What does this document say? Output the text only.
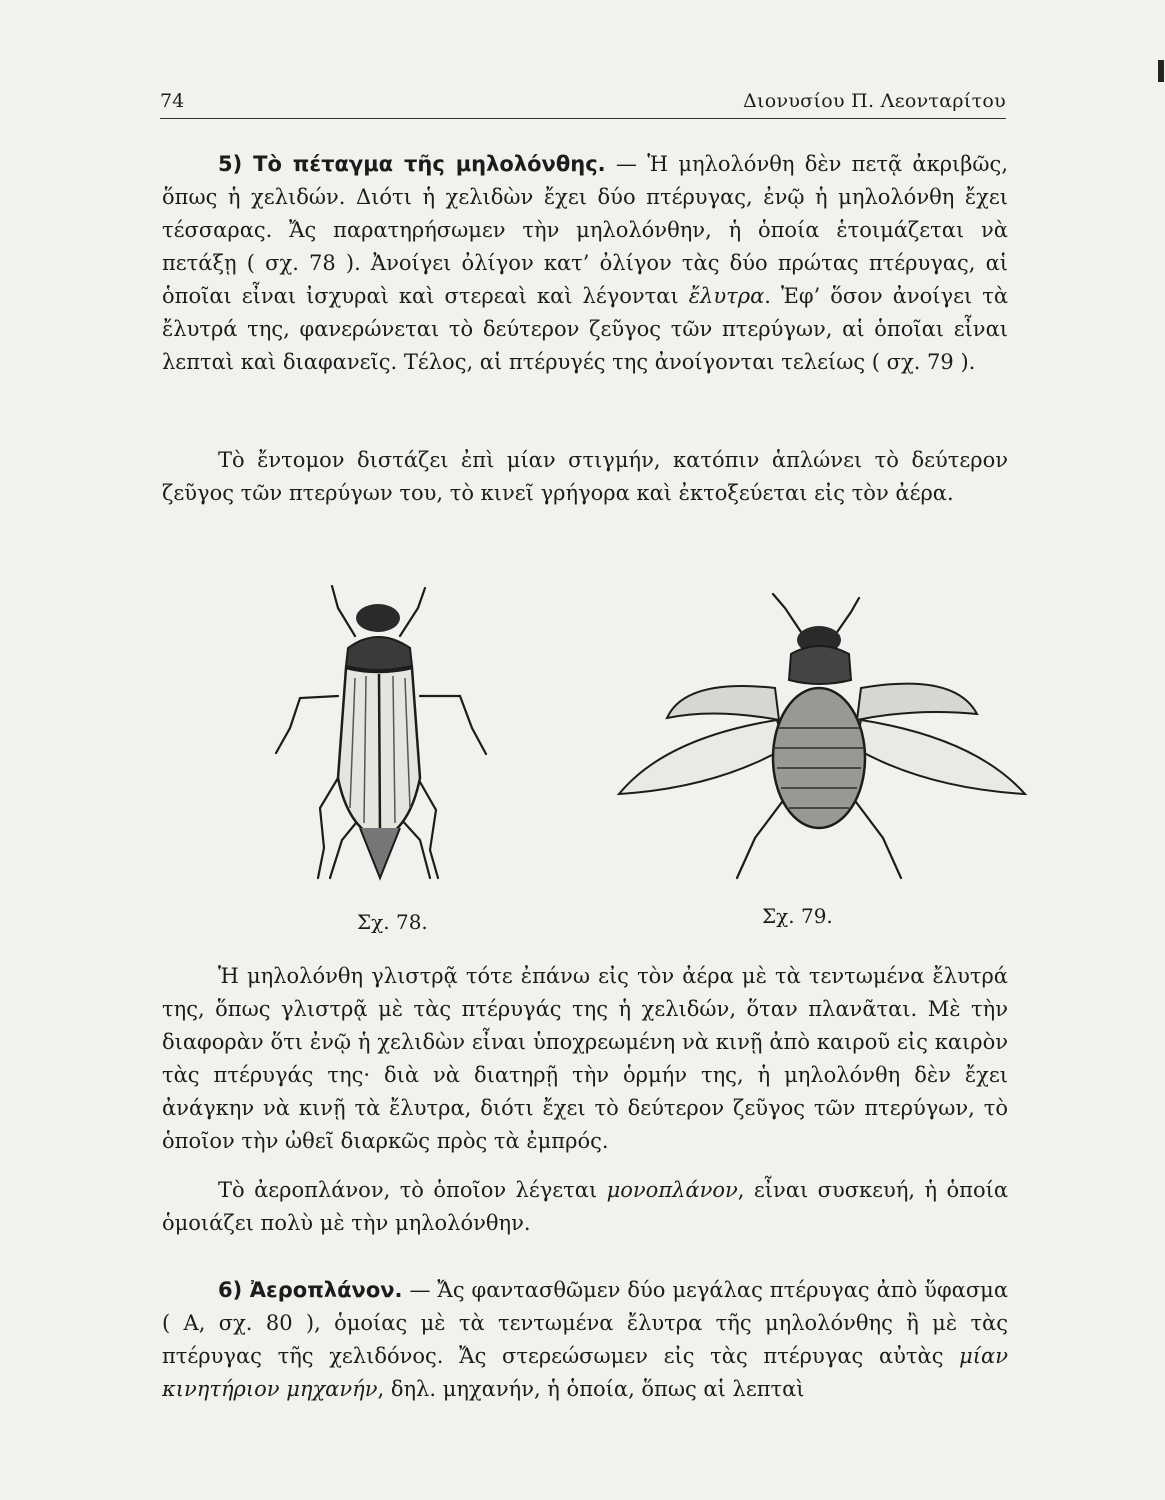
74	Διονυσίου Π. Λεονταρίτου

5) Τὸ πέταγμα τῆς μηλολόνθης. — Ἡ μηλολόνθη δὲν πετᾷ ἀκριβῶς, ὅπως ἡ χελιδών. Διότι ἡ χελιδὼν ἔχει δύο πτέρυγας, ἐνῷ ἡ μηλολόνθη ἔχει τέσσαρας. Ἄς παρατηρήσωμεν τὴν μηλολόνθην, ἡ ὁποία ἑτοιμάζεται νὰ πετάξῃ ( σχ. 78 ). Ἀνοίγει ὀλίγον κατ’ ὀλίγον τὰς δύο πρώτας πτέρυγας, αἱ ὁποῖαι εἶναι ἰσχυραὶ καὶ στερεαὶ καὶ λέγονται ἔλυτρα. Ἐφ’ ὅσον ἀνοίγει τὰ ἔλυτρά της, φανερώνεται τὸ δεύτερον ζεῦγος τῶν πτερύγων, αἱ ὁποῖαι εἶναι λεπταὶ καὶ διαφανεῖς. Τέλος, αἱ πτέρυγές της ἀνοίγονται τελείως ( σχ. 79 ).

Τὸ ἔντομον διστάζει ἐπὶ μίαν στιγμήν, κατόπιν ἁπλώνει τὸ δεύτερον ζεῦγος τῶν πτερύγων του, τὸ κινεῖ γρήγορα καὶ ἐκτοξεύεται εἰς τὸν ἀέρα.

Σχ. 78.	Σχ. 79.

Ἡ μηλολόνθη γλιστρᾷ τότε ἐπάνω εἰς τὸν ἀέρα μὲ τὰ τεντωμένα ἔλυτρά της, ὅπως γλιστρᾷ μὲ τὰς πτέρυγάς της ἡ χελιδών, ὅταν πλανᾶται. Μὲ τὴν διαφορὰν ὅτι ἐνῷ ἡ χελιδὼν εἶναι ὑποχρεωμένη νὰ κινῇ ἀπὸ καιροῦ εἰς καιρὸν τὰς πτέρυγάς της· διὰ νὰ διατηρῇ τὴν ὁρμήν της, ἡ μηλολόνθη δὲν ἔχει ἀνάγκην νὰ κινῇ τὰ ἔλυτρα, διότι ἔχει τὸ δεύτερον ζεῦγος τῶν πτερύγων, τὸ ὁποῖον τὴν ὠθεῖ διαρκῶς πρὸς τὰ ἐμπρός.

Τὸ ἀεροπλάνον, τὸ ὁποῖον λέγεται μονοπλάνον, εἶναι συσκευή, ἡ ὁποία ὁμοιάζει πολὺ μὲ τὴν μηλολόνθην.

6) Ἀεροπλάνον. — Ἄς φαντασθῶμεν δύο μεγάλας πτέρυγας ἀπὸ ὕφασμα ( Α, σχ. 80 ), ὁμοίας μὲ τὰ τεντωμένα ἔλυτρα τῆς μηλολόνθης ἢ μὲ τὰς πτέρυγας τῆς χελιδόνος. Ἄς στερεώσωμεν εἰς τὰς πτέρυγας αὐτὰς μίαν κινητήριον μηχανήν, δηλ. μηχανήν, ἡ ὁποία, ὅπως αἱ λεπταὶ
